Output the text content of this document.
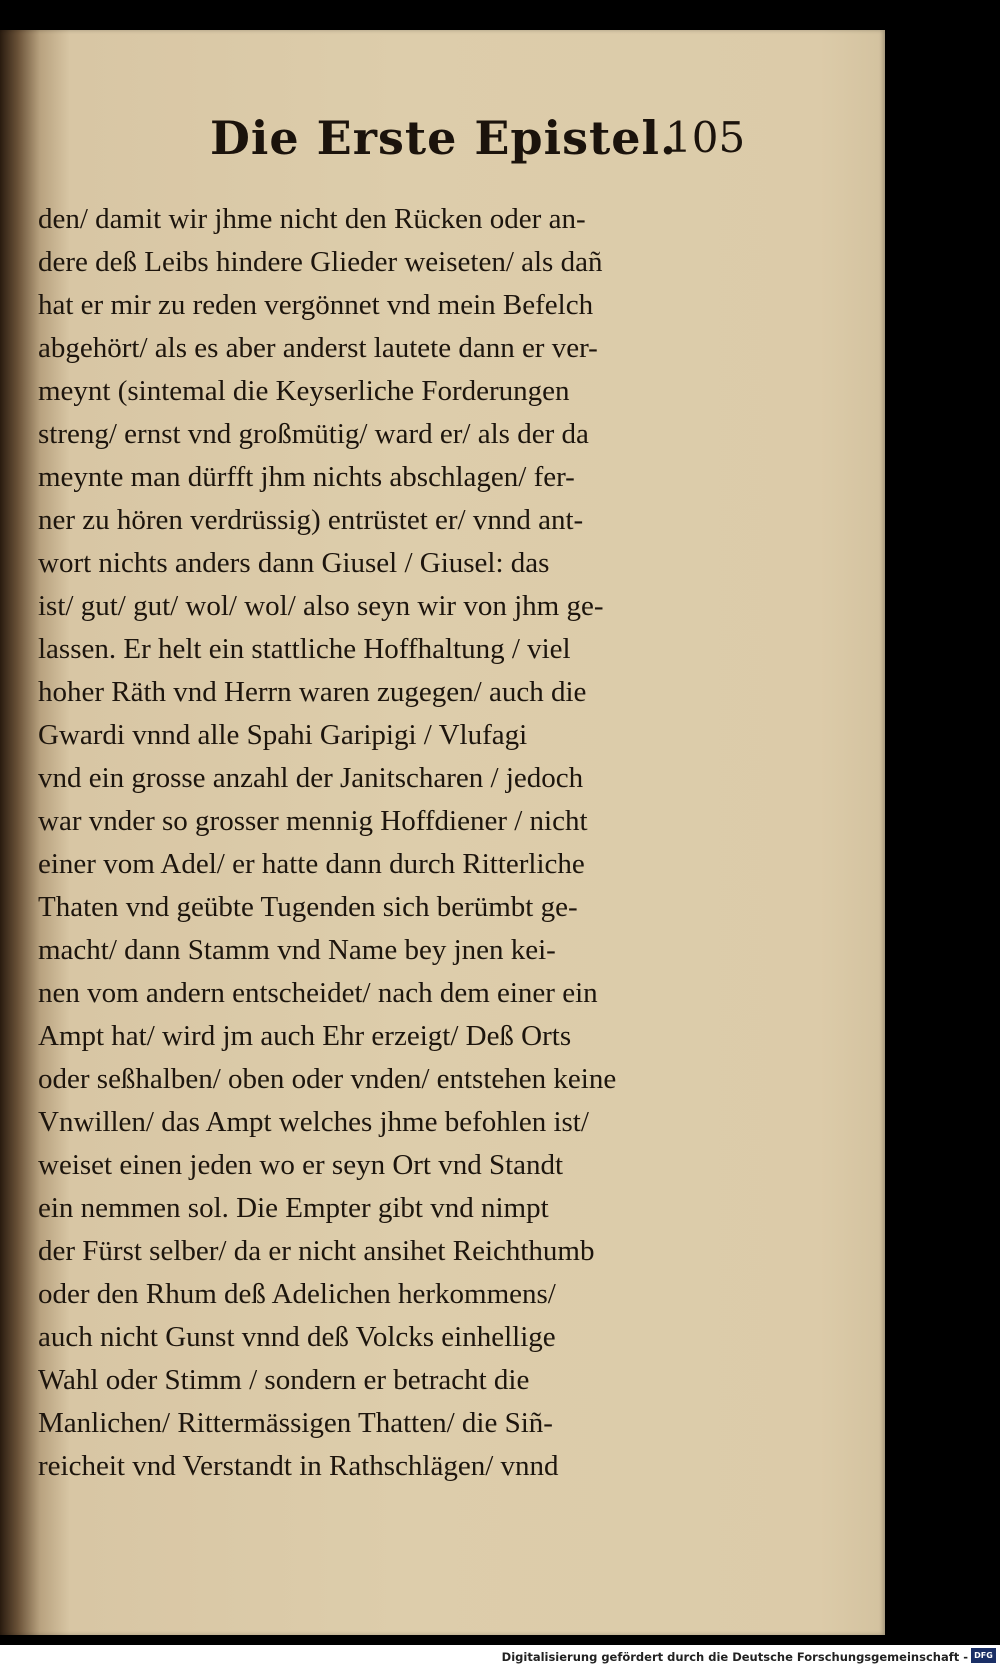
Die Erste Epistel.
105
den/ damit wir jhme nicht den Rücken oder an-
dere deß Leibs hindere Glieder weiseten/ als dañ
hat er mir zu reden vergönnet vnd mein Befelch
abgehört/ als es aber anderst lautete dann er ver-
meynt (sintemal die Keyserliche Forderungen
streng/ ernst vnd großmütig/ ward er/ als der da
meynte man dürfft jhm nichts abschlagen/ fer-
ner zu hören verdrüssig) entrüstet er/ vnnd ant-
wort nichts anders dann Giusel / Giusel: das
ist/ gut/ gut/ wol/ wol/ also seyn wir von jhm ge-
lassen. Er helt ein stattliche Hoffhaltung / viel
hoher Räth vnd Herrn waren zugegen/ auch die
Gwardi vnnd alle Spahi Garipigi / Vlufagi
vnd ein grosse anzahl der Janitscharen / jedoch
war vnder so grosser mennig Hoffdiener / nicht
einer vom Adel/ er hatte dann durch Ritterliche
Thaten vnd geübte Tugenden sich berümbt ge-
macht/ dann Stamm vnd Name bey jnen kei-
nen vom andern entscheidet/ nach dem einer ein
Ampt hat/ wird jm auch Ehr erzeigt/ Deß Orts
oder seßhalben/ oben oder vnden/ entstehen keine
Vnwillen/ das Ampt welches jhme befohlen ist/
weiset einen jeden wo er seyn Ort vnd Standt
ein nemmen sol. Die Empter gibt vnd nimpt
der Fürst selber/ da er nicht ansihet Reichthumb
oder den Rhum deß Adelichen herkommens/
auch nicht Gunst vnnd deß Volcks einhellige
Wahl oder Stimm / sondern er betracht die
Manlichen/ Rittermässigen Thatten/ die Siñ-
reicheit vnd Verstandt in Rathschlägen/ vnnd
Digitalisierung gefördert durch die Deutsche Forschungsgemeinschaft - DFG
